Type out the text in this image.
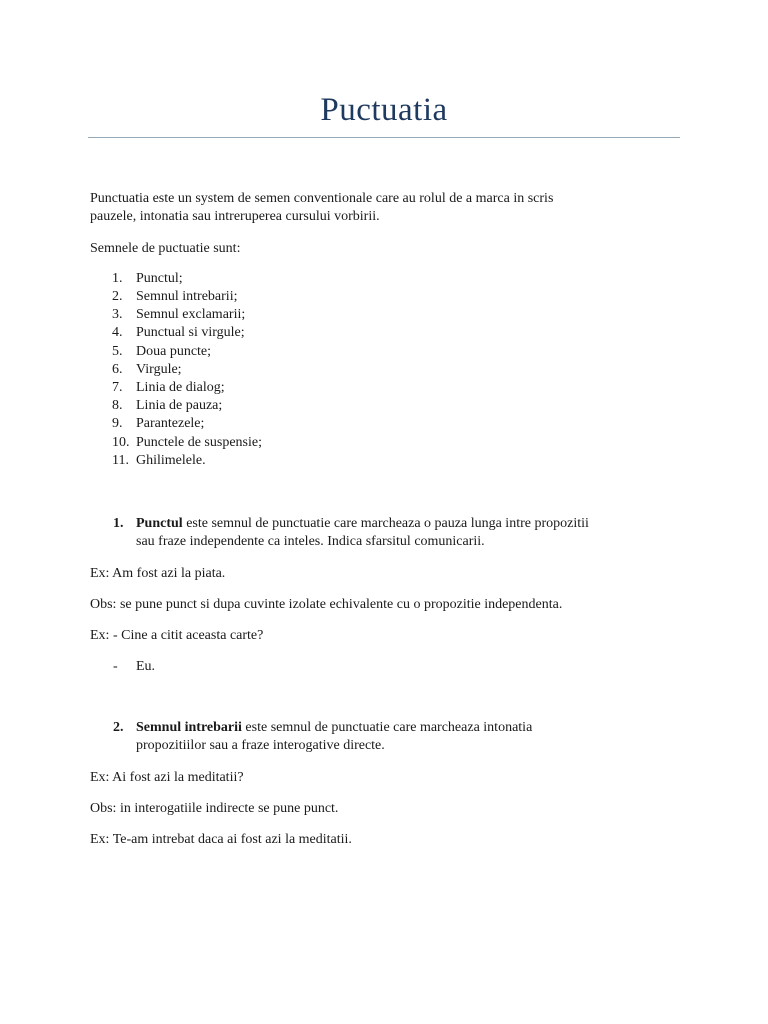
Puctuatia
Punctuatia este un system de semen conventionale care au rolul de a marca in scris
pauzele, intonatia sau intreruperea cursului vorbirii.
Semnele de puctuatie sunt:
1. Punctul;
2. Semnul intrebarii;
3. Semnul exclamarii;
4. Punctual si virgule;
5. Doua puncte;
6. Virgule;
7. Linia de dialog;
8. Linia de pauza;
9. Parantezele;
10. Punctele de suspensie;
11. Ghilimelele.
1. Punctul este semnul de punctuatie care marcheaza o pauza lunga intre propozitii
sau fraze independente ca inteles. Indica sfarsitul comunicarii.
Ex: Am fost azi la piata.
Obs: se pune punct si dupa cuvinte izolate echivalente cu o propozitie independenta.
Ex: - Cine a citit aceasta carte?
- Eu.
2. Semnul intrebarii este semnul de punctuatie care marcheaza intonatia
propozitiilor sau a fraze interogative directe.
Ex: Ai fost azi la meditatii?
Obs: in interogatiile indirecte se pune punct.
Ex: Te-am intrebat daca ai fost azi la meditatii.
